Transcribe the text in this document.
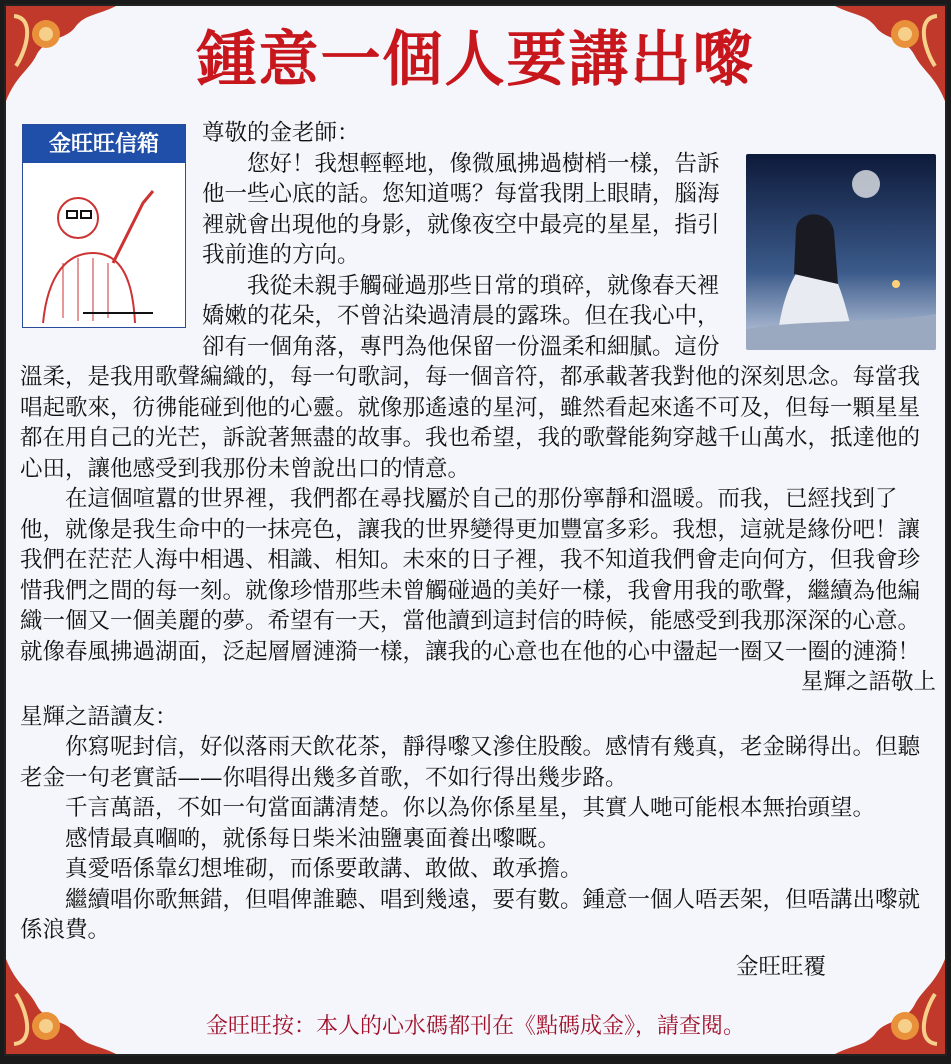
鍾意一個人要講出嚟
金旺旺信箱	尊敬的金老師：

您好！我想輕輕地，像微風拂過樹梢一樣，告訴 他一些心底的話。您知道嗎？每當我閉上眼睛，腦海裡就會出現他的身影，就像夜空中最亮的星星，指引我前進的方向。

我從未親手觸碰過那些日常的瑣碎，就像春天裡嬌嫩的花朵，不曾沾染過清晨的露珠。但在我心中，卻有一個角落，專門為他保留一份溫柔和細膩。這份溫柔，是我用歌聲編織的，每一句歌詞，每一個音符，都承載著我對他的深刻思念。每當我唱起歌來，彷彿能碰到他的心靈。就像那遙遠的星河，雖然看起來遙不可及，但每一顆星星都在用自己的光芒，訴說著無盡的故事。我也希望，我的歌聲能夠穿越千山萬水，抵達他的心田，讓他感受到我那份未曾說出口的情意。

在這個喧囂的世界裡，我們都在尋找屬於自己的那份寧靜和溫暖。而我，已經找到了他，就像是我生命中的一抹亮色，讓我的世界變得更加豐富多彩。我想，這就是緣份吧！讓我們在茫茫人海中相遇、相識、相知。未來的日子裡，我不知道我們會走向何方，但我會珍惜我們之間的每一刻。就像珍惜那些未曾觸碰過的美好一樣，我會用我的歌聲，繼續為他編織一個又一個美麗的夢。希望有一天，當他讀到這封信的時候，能感受到我那深深的心意。就像春風拂過湖面，泛起層層漣漪一樣，讓我的心意也在他的心中盪起一圈又一圈的漣漪！

星輝之語敬上

星輝之語讀友：

你寫呢封信，好似落雨天飲花茶，靜得嚟又滲住股酸。感情有幾真，老金睇得出。但聽老金一句老實話——你唱得出幾多首歌，不如行得出幾步路。

千言萬語，不如一句當面講清楚。你以為你係星星，其實人哋可能根本無抬頭望。

感情最真嗰啲，就係每日柴米油鹽裏面養出嚟嘅。

真愛唔係靠幻想堆砌，而係要敢講、敢做、敢承擔。

繼續唱你歌無錯，但唱俾誰聽、唱到幾遠，要有數。鍾意一個人唔丟架，但唔講出嚟就係浪費。

金旺旺覆

金旺旺按：本人的心水碼都刊在《點碼成金》，請查閱。
